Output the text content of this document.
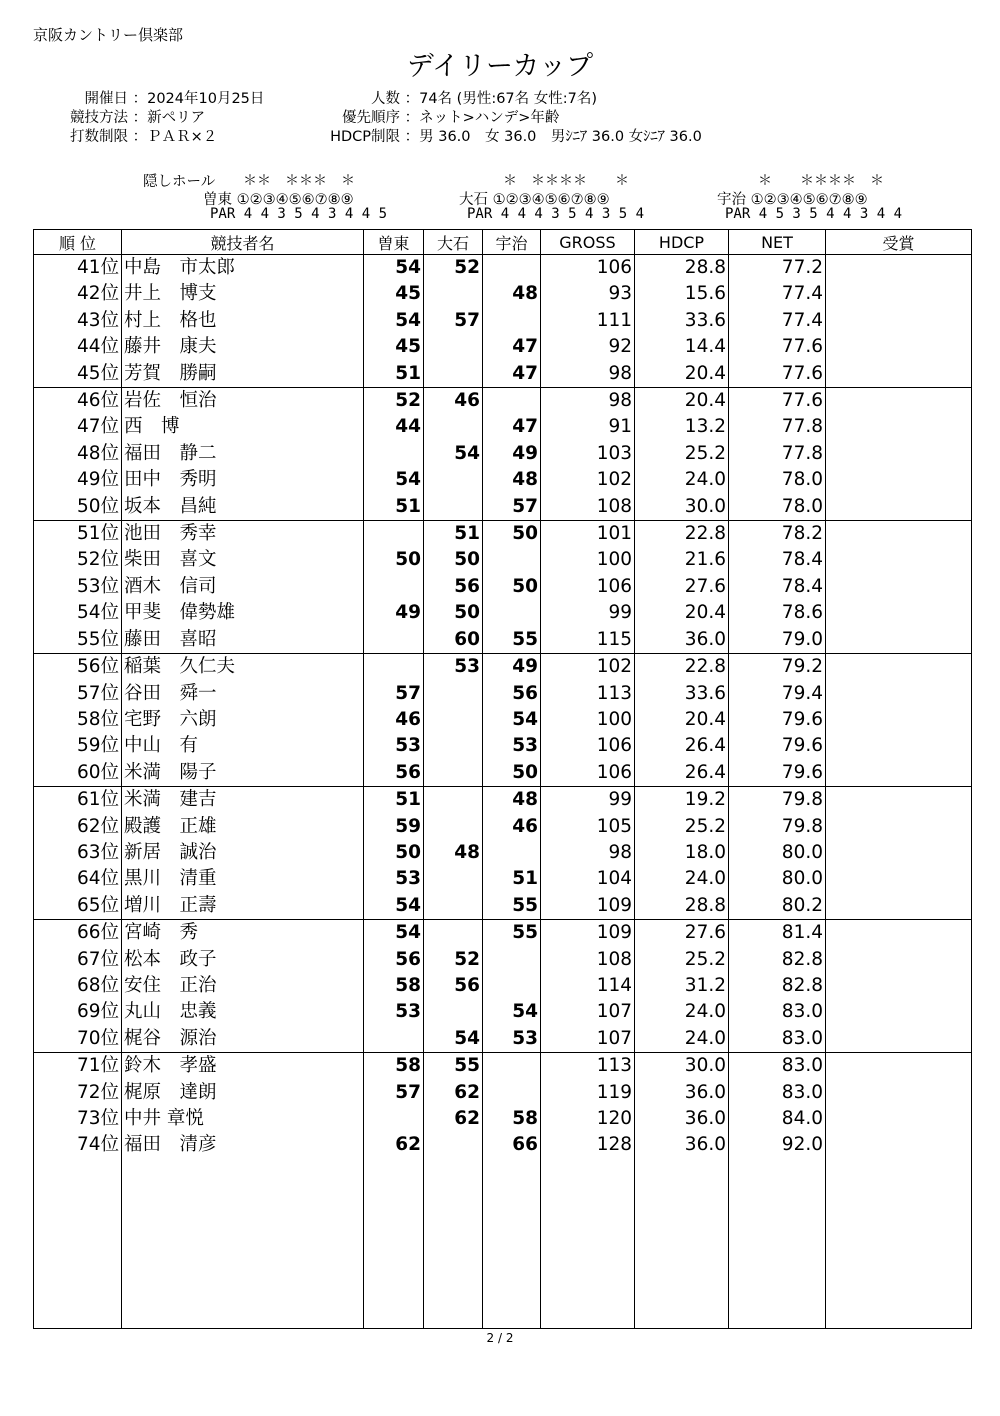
京阪カントリー倶楽部
デイリーカップ
開催日 ：2024年10月25日
競技方法 ：新ペリア
打数制限 ：ＰＡＲ×２
人数 ：74名 (男性:67名 女性:7名)
優先順序 ：ネット>ハンデ>年齢
HDCP制限 ：男 36.0　女 36.0　男ｼﾆｱ 36.0 女ｼﾆｱ 36.0
隠しホール ＊＊　＊＊＊　＊
曽東 ①②③④⑤⑥⑦⑧⑨
PAR 4 4 3 5 4 3 4 4 5
＊　＊＊＊＊　　＊
大石 ①②③④⑤⑥⑦⑧⑨
PAR 4 4 4 3 5 4 3 5 4
＊　　＊＊＊＊　＊
宇治 ①②③④⑤⑥⑦⑧⑨
PAR 4 5 3 5 4 4 3 4 4
順 位	競技者名	曽東	大石	宇治	GROSS	HDCP	NET	受賞
41位	中島　市太郎	54	52		106	28.8	77.2	
42位	井上　博支	45		48	93	15.6	77.4	
43位	村上　格也	54	57		111	33.6	77.4	
44位	藤井　康夫	45		47	92	14.4	77.6	
45位	芳賀　勝嗣	51		47	98	20.4	77.6	
46位	岩佐　恒治	52	46		98	20.4	77.6	
47位	西　博	44		47	91	13.2	77.8	
48位	福田　静二		54	49	103	25.2	77.8	
49位	田中　秀明	54		48	102	24.0	78.0	
50位	坂本　昌純	51		57	108	30.0	78.0	
51位	池田　秀幸		51	50	101	22.8	78.2	
52位	柴田　喜文	50	50		100	21.6	78.4	
53位	酒木　信司		56	50	106	27.6	78.4	
54位	甲斐　偉勢雄	49	50		99	20.4	78.6	
55位	藤田　喜昭		60	55	115	36.0	79.0	
56位	稲葉　久仁夫		53	49	102	22.8	79.2	
57位	谷田　舜一	57		56	113	33.6	79.4	
58位	宅野　六朗	46		54	100	20.4	79.6	
59位	中山　有	53		53	106	26.4	79.6	
60位	米満　陽子	56		50	106	26.4	79.6	
61位	米満　建吉	51		48	99	19.2	79.8	
62位	殿護　正雄	59		46	105	25.2	79.8	
63位	新居　誠治	50	48		98	18.0	80.0	
64位	黒川　清重	53		51	104	24.0	80.0	
65位	増川　正壽	54		55	109	28.8	80.2	
66位	宮崎　秀	54		55	109	27.6	81.4	
67位	松本　政子	56	52		108	25.2	82.8	
68位	安住　正治	58	56		114	31.2	82.8	
69位	丸山　忠義	53		54	107	24.0	83.0	
70位	梶谷　源治		54	53	107	24.0	83.0	
71位	鈴木　孝盛	58	55		113	30.0	83.0	
72位	梶原　達朗	57	62		119	36.0	83.0	
73位	中井 章悦		62	58	120	36.0	84.0	
74位	福田　清彦	62		66	128	36.0	92.0	

2 / 2
